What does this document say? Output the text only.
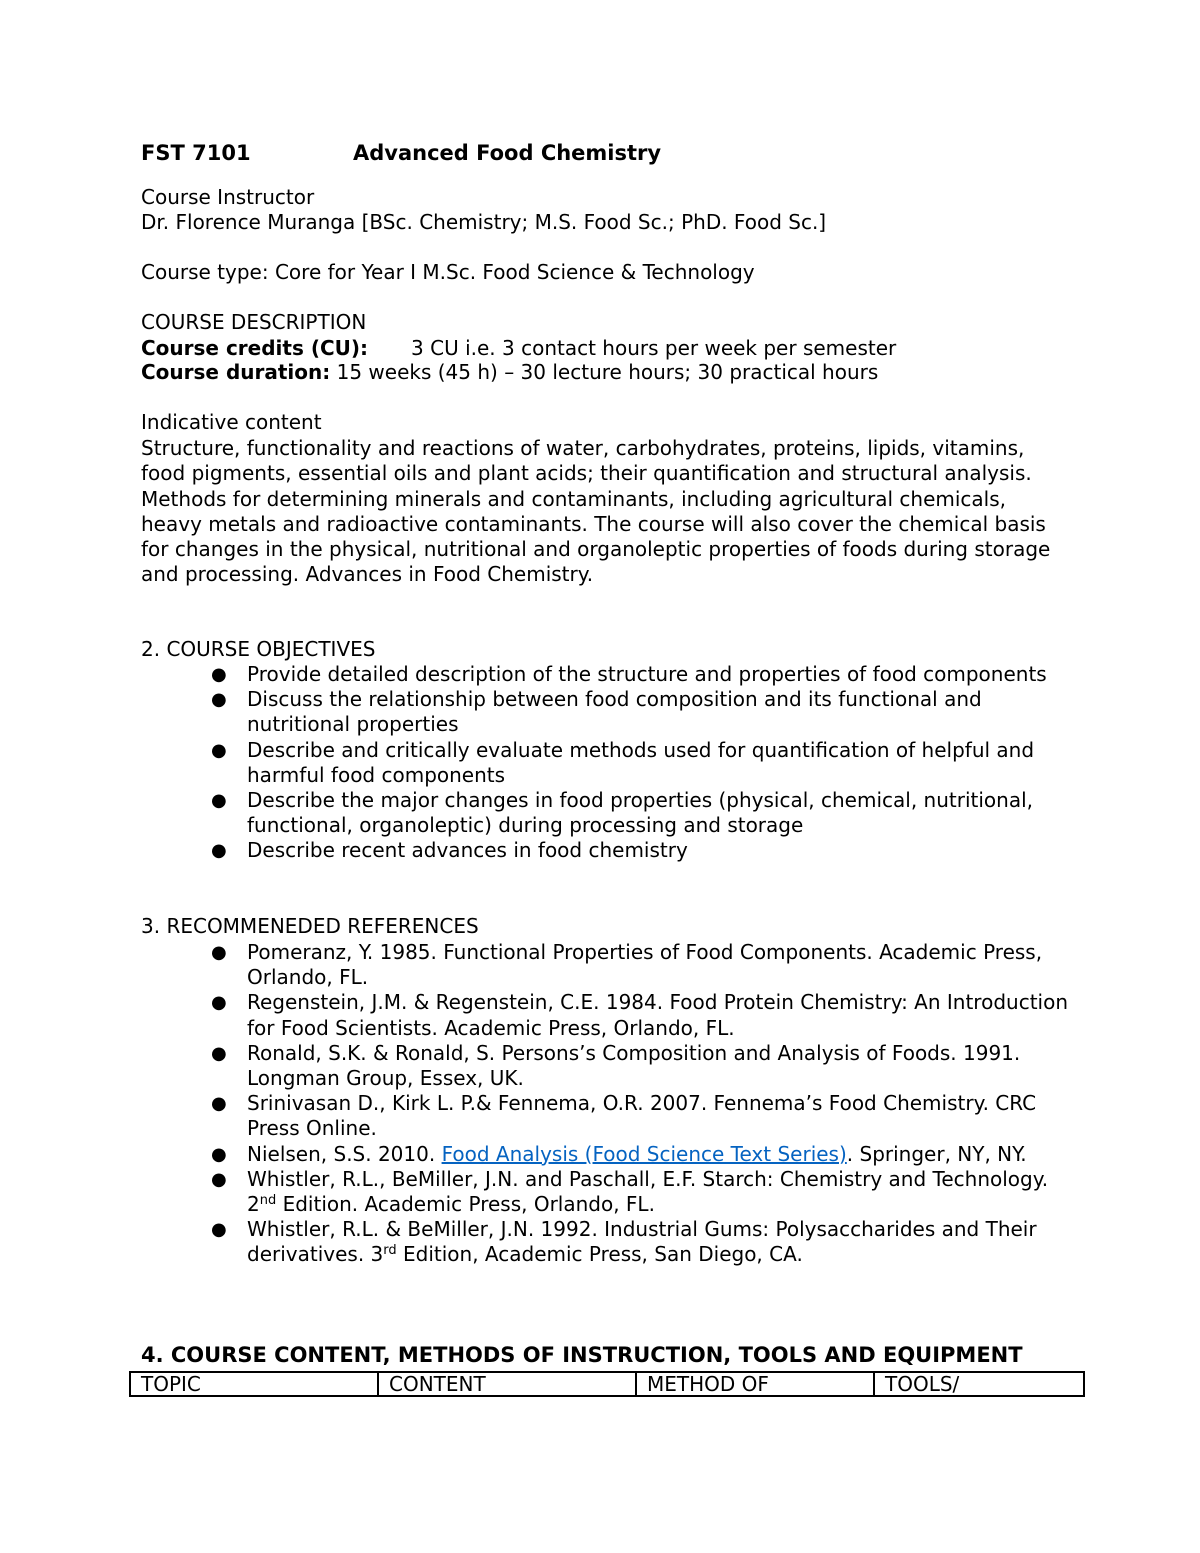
FST 7101	Advanced Food Chemistry
Course Instructor
Dr. Florence Muranga [BSc. Chemistry; M.S. Food Sc.; PhD. Food Sc.]
Course type: Core for Year I M.Sc. Food Science & Technology
COURSE DESCRIPTION
Course credits (CU): 3 CU i.e. 3 contact hours per week per semester
Course duration: 15 weeks (45 h) – 30 lecture hours; 30 practical hours
Indicative content
Structure, functionality and reactions of water, carbohydrates, proteins, lipids, vitamins, food pigments, essential oils and plant acids; their quantification and structural analysis. Methods for determining minerals and contaminants, including agricultural chemicals, heavy metals and radioactive contaminants. The course will also cover the chemical basis for changes in the physical, nutritional and organoleptic properties of foods during storage and processing. Advances in Food Chemistry.
2. COURSE OBJECTIVES
● Provide detailed description of the structure and properties of food components
● Discuss the relationship between food composition and its functional and nutritional properties
● Describe and critically evaluate methods used for quantification of helpful and harmful food components
● Describe the major changes in food properties (physical, chemical, nutritional, functional, organoleptic) during processing and storage
● Describe recent advances in food chemistry
3. RECOMMENEDED REFERENCES
● Pomeranz, Y. 1985. Functional Properties of Food Components. Academic Press, Orlando, FL.
● Regenstein, J.M. & Regenstein, C.E. 1984. Food Protein Chemistry: An Introduction for Food Scientists. Academic Press, Orlando, FL.
● Ronald, S.K. & Ronald, S. Persons’s Composition and Analysis of Foods. 1991. Longman Group, Essex, UK.
● Srinivasan D., Kirk L. P.& Fennema, O.R. 2007. Fennema’s Food Chemistry. CRC Press Online.
● Nielsen, S.S. 2010. Food Analysis (Food Science Text Series). Springer, NY, NY.
● Whistler, R.L., BeMiller, J.N. and Paschall, E.F. Starch: Chemistry and Technology. 2nd Edition. Academic Press, Orlando, FL.
● Whistler, R.L. & BeMiller, J.N. 1992. Industrial Gums: Polysaccharides and Their derivatives. 3rd Edition, Academic Press, San Diego, CA.
4. COURSE CONTENT, METHODS OF INSTRUCTION, TOOLS AND EQUIPMENT
TOPIC	CONTENT	METHOD OF	TOOLS/
